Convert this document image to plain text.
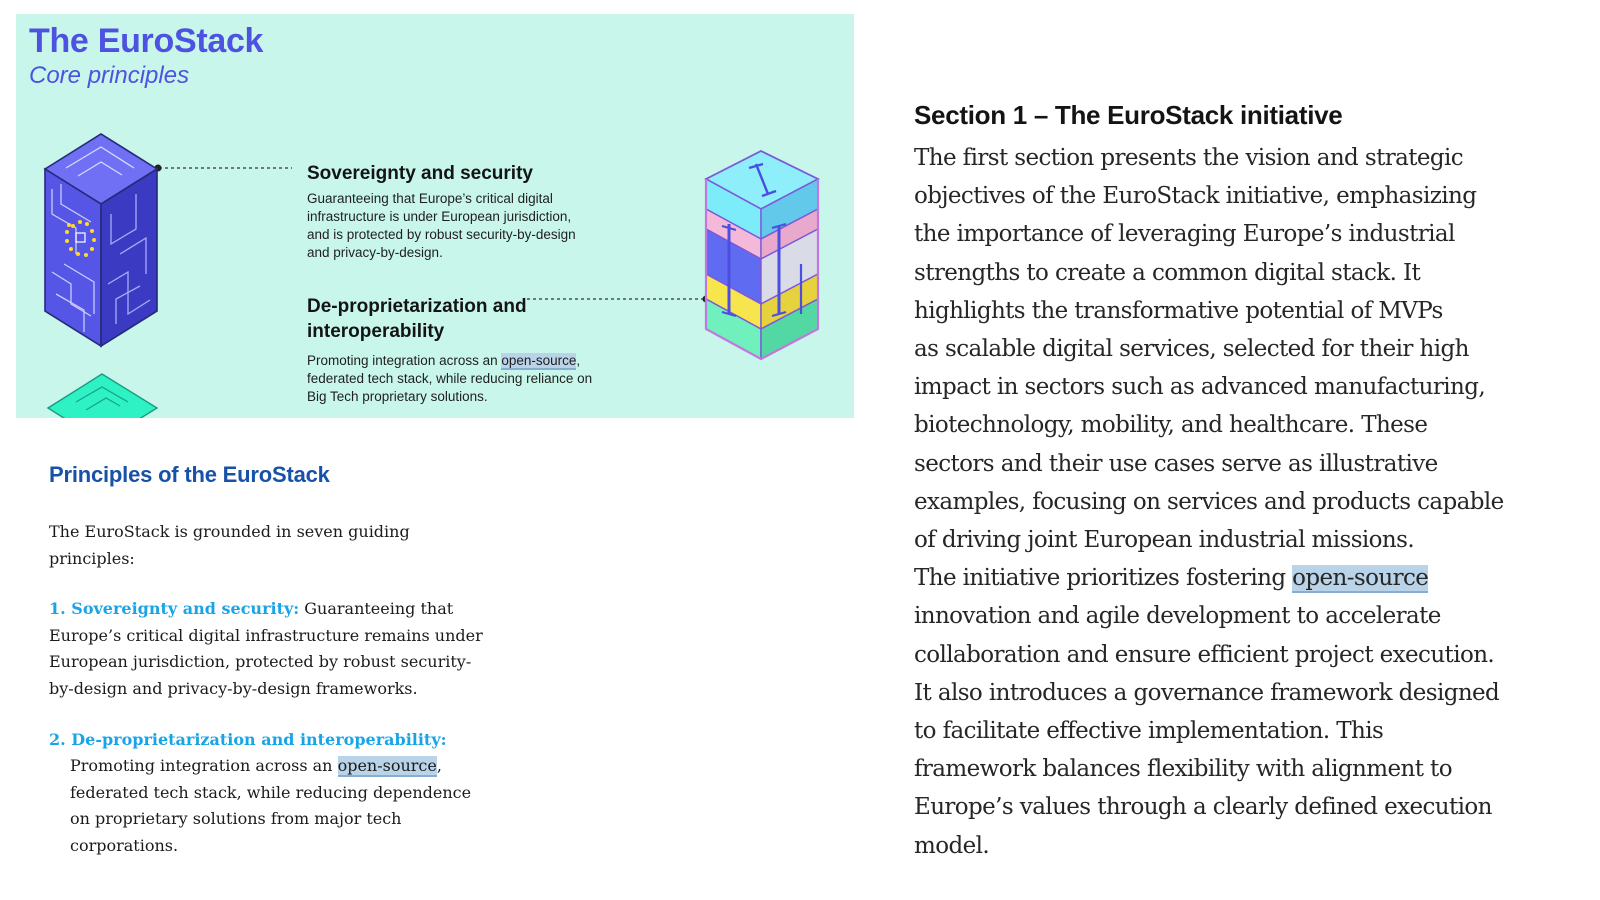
The EuroStack
Core principles
Sovereignty and security
Guaranteeing that Europe’s critical digital
infrastructure is under European jurisdiction,
and is protected by robust security-by-design
and privacy-by-design.
De-proprietarization and
interoperability
Promoting integration across an open-source,
federated tech stack, while reducing reliance on
Big Tech proprietary solutions.
Principles of the EuroStack

The EuroStack is grounded in seven guiding
principles:

1. Sovereignty and security: Guaranteeing that
Europe’s critical digital infrastructure remains under
European jurisdiction, protected by robust security-
by-design and privacy-by-design frameworks.
2. De-proprietarization and interoperability:
Promoting integration across an open-source,
federated tech stack, while reducing dependence
on proprietary solutions from major tech
corporations.
Section 1 – The EuroStack initiative

The first section presents the vision and strategic
objectives of the EuroStack initiative, emphasizing
the importance of leveraging Europe’s industrial
strengths to create a common digital stack. It
highlights the transformative potential of MVPs
as scalable digital services, selected for their high
impact in sectors such as advanced manufacturing,
biotechnology, mobility, and healthcare. These
sectors and their use cases serve as illustrative
examples, focusing on services and products capable
of driving joint European industrial missions.
The initiative prioritizes fostering open-source
innovation and agile development to accelerate
collaboration and ensure efficient project execution.
It also introduces a governance framework designed
to facilitate effective implementation. This
framework balances flexibility with alignment to
Europe’s values through a clearly defined execution
model.
